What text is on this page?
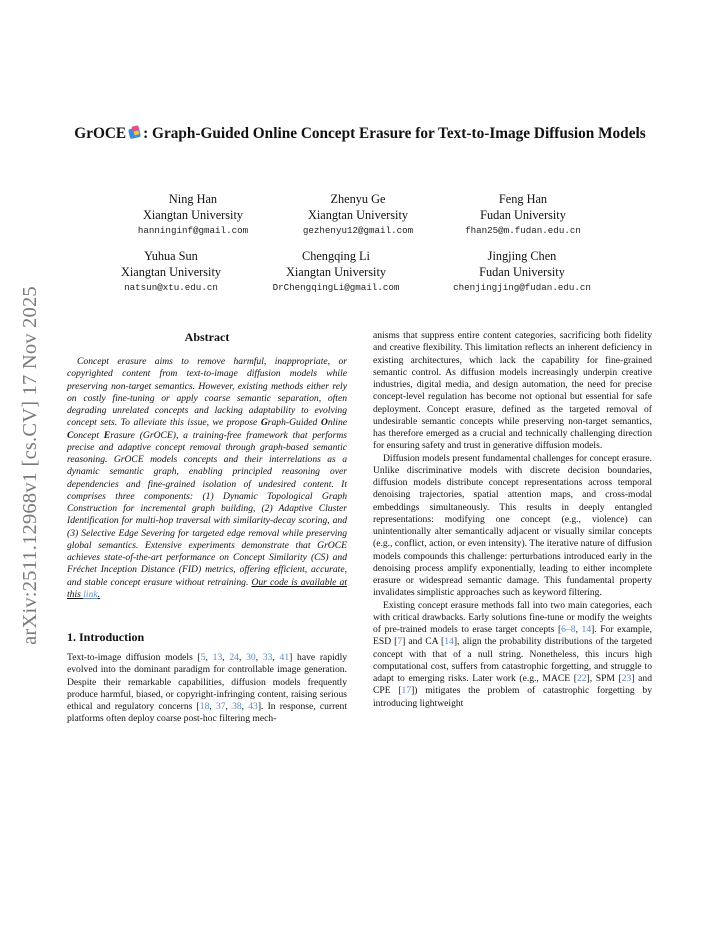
arXiv:2511.12968v1 [cs.CV] 17 Nov 2025
GrOCE : Graph-Guided Online Concept Erasure for Text-to-Image Diffusion Models
Ning Han
Xiangtan University
hanninginf@gmail.com
Zhenyu Ge
Xiangtan University
gezhenyu12@gmail.com
Feng Han
Fudan University
fhan25@m.fudan.edu.cn
Yuhua Sun
Xiangtan University
natsun@xtu.edu.cn
Chengqing Li
Xiangtan University
DrChengqingLi@gmail.com
Jingjing Chen
Fudan University
chenjingjing@fudan.edu.cn
Abstract

Concept erasure aims to remove harmful, inappropriate, or copyrighted content from text-to-image diffusion models while preserving non-target semantics. However, existing methods either rely on costly fine-tuning or apply coarse semantic separation, often degrading unrelated concepts and lacking adaptability to evolving concept sets. To alleviate this issue, we propose Graph-Guided Online Concept Erasure (GrOCE), a training-free framework that performs precise and adaptive concept removal through graph-based semantic reasoning. GrOCE models concepts and their interrelations as a dynamic semantic graph, enabling principled reasoning over dependencies and fine-grained isolation of undesired content. It comprises three components: (1) Dynamic Topological Graph Construction for incremental graph building, (2) Adaptive Cluster Identification for multi-hop traversal with similarity-decay scoring, and (3) Selective Edge Severing for targeted edge removal while preserving global semantics. Extensive experiments demonstrate that GrOCE achieves state-of-the-art performance on Concept Similarity (CS) and Fréchet Inception Distance (FID) metrics, offering efficient, accurate, and stable concept erasure without retraining. Our code is available at this link.

1. Introduction

Text-to-image diffusion models [5, 13, 24, 30, 33, 41] have rapidly evolved into the dominant paradigm for controllable image generation. Despite their remarkable capabilities, diffusion models frequently produce harmful, biased, or copyright-infringing content, raising serious ethical and regulatory concerns [18, 37, 38, 43]. In response, current platforms often deploy coarse post-hoc filtering mech-

anisms that suppress entire content categories, sacrificing both fidelity and creative flexibility. This limitation reflects an inherent deficiency in existing architectures, which lack the capability for fine-grained semantic control. As diffusion models increasingly underpin creative industries, digital media, and design automation, the need for precise concept-level regulation has become not optional but essential for safe deployment. Concept erasure, defined as the targeted removal of undesirable semantic concepts while preserving non-target semantics, has therefore emerged as a crucial and technically challenging direction for ensuring safety and trust in generative diffusion models.

Diffusion models present fundamental challenges for concept erasure. Unlike discriminative models with discrete decision boundaries, diffusion models distribute concept representations across temporal denoising trajectories, spatial attention maps, and cross-modal embeddings simultaneously. This results in deeply entangled representations: modifying one concept (e.g., violence) can unintentionally alter semantically adjacent or visually similar concepts (e.g., conflict, action, or even intensity). The iterative nature of diffusion models compounds this challenge: perturbations introduced early in the denoising process amplify exponentially, leading to either incomplete erasure or widespread semantic damage. This fundamental property invalidates simplistic approaches such as keyword filtering.

Existing concept erasure methods fall into two main categories, each with critical drawbacks. Early solutions fine-tune or modify the weights of pre-trained models to erase target concepts [6–8, 14]. For example, ESD [7] and CA [14], align the probability distributions of the targeted concept with that of a null string. Nonetheless, this incurs high computational cost, suffers from catastrophic forgetting, and struggle to adapt to emerging risks. Later work (e.g., MACE [22], SPM [23] and CPE [17]) mitigates the problem of catastrophic forgetting by introducing lightweight
